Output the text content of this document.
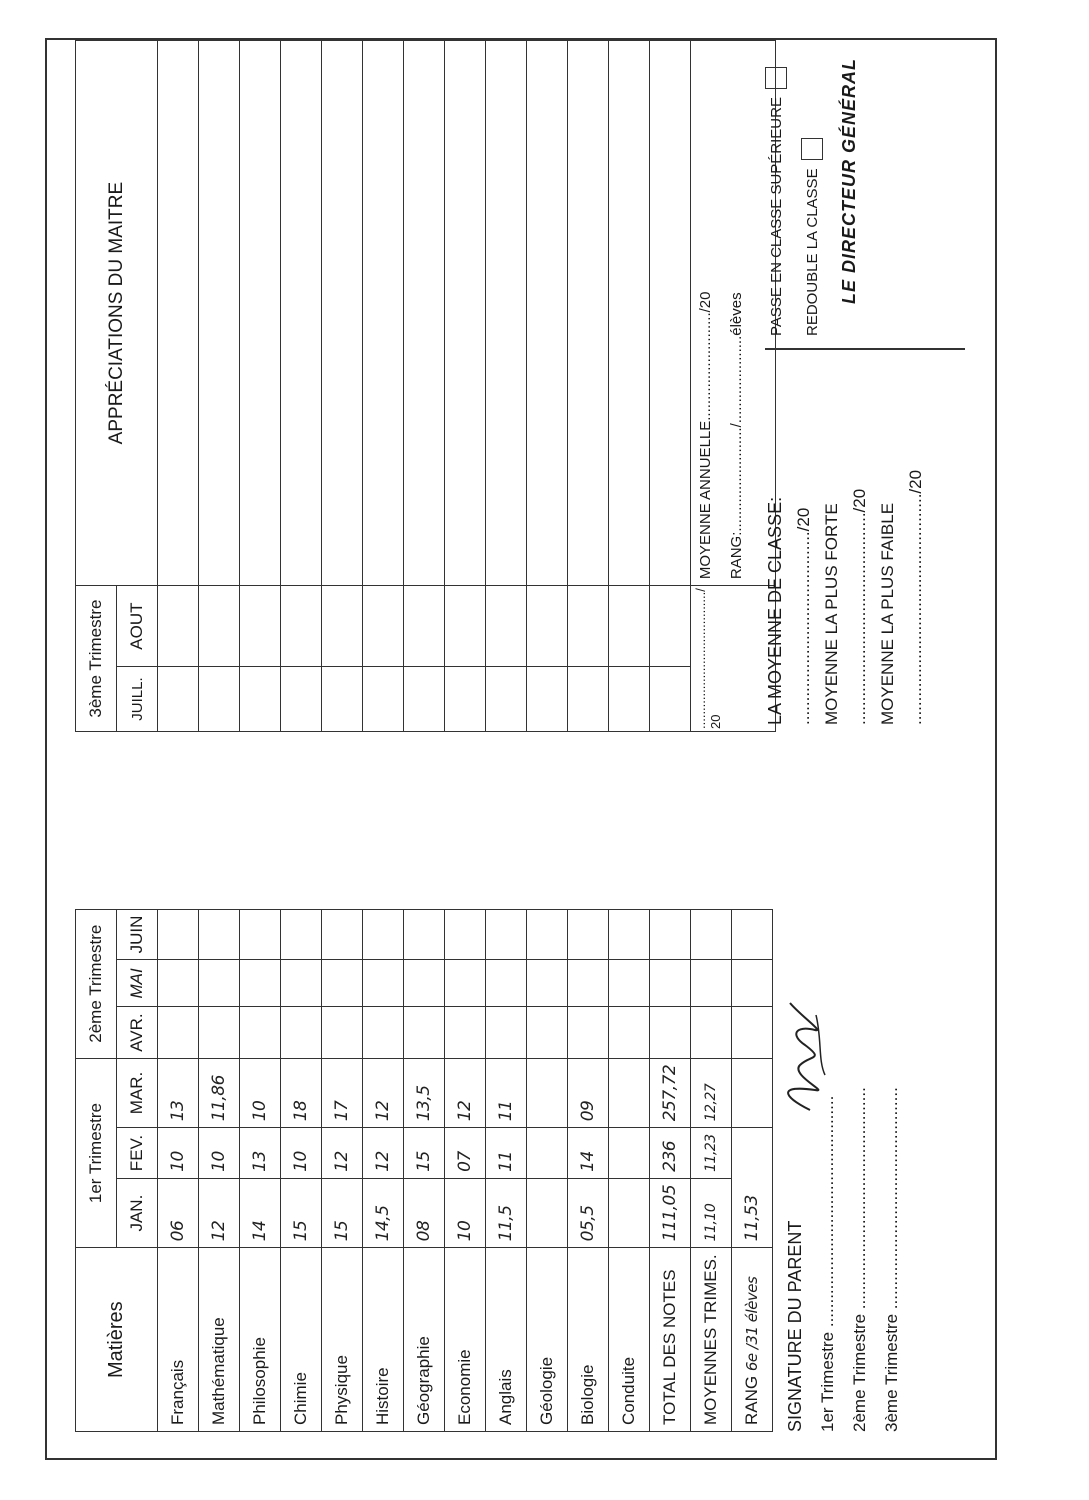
Matières	1er Trimestre			2ème Trimestre		
	JAN.	FEV.	MAR.	AVR.	MAI	JUIN
Français	06	10	13			
Mathématique	12	10	11,86			
Philosophie	14	13	10			
Chimie	15	10	18			
Physique	15	12	17			
Histoire	14,5	12	12			
Géographie	08	15	13,5			
Economie	10	07	12			
Anglais	11,5	11	11			
Géologie						
Biologie	05,5	14	09			
Conduite						
TOTAL DES NOTES	111,05	236	257,72			
MOYENNES TRIMES.	11,10	11,23	12,27			
RANG 6e /31 élèves	11,53					
3ème Trimestre		APPRÉCIATIONS DU MAITRE
JUILL.	AOUT	

....................................../20		MOYENNE ANNUELLE........................../20 RANG:........................./.....................élèves
SIGNATURE DU PARENT 1er Trimestre ................................................. 2ème Trimestre ............................................... 3ème Trimestre ...............................................
LA MOYENNE DE CLASSE: ........................................./20 MOYENNE LA PLUS FORTE ............................................./20 MOYENNE LA PLUS FAIBLE ................................................./20
PASSE EN CLASSE SUPÉRIEURE REDOUBLE LA CLASSE LE DIRECTEUR GÉNÉRAL
